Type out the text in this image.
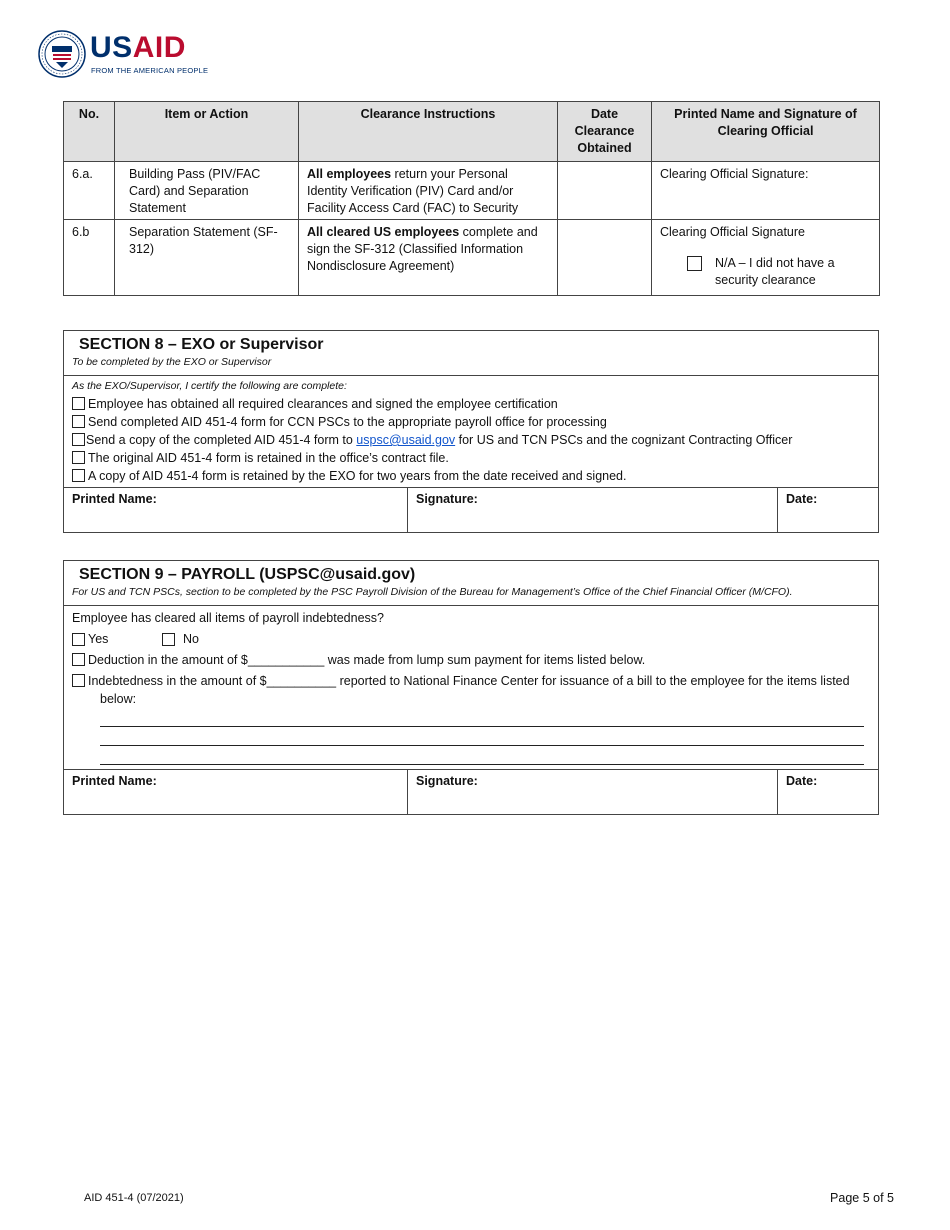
USAID
FROM THE AMERICAN PEOPLE
No.	Item or Action	Clearance Instructions	Date Clearance Obtained	Printed Name and Signature of Clearing Official
6.a.	Building Pass (PIV/FAC Card) and Separation Statement	All employees return your Personal Identity Verification (PIV) Card and/or Facility Access Card (FAC) to Security		Clearing Official Signature:
6.b	Separation Statement (SF-312)	All cleared US employees complete and sign the SF-312 (Classified Information Nondisclosure Agreement)		Clearing Official Signature
N/A – I did not have a security clearance
SECTION 8 – EXO or Supervisor
To be completed by the EXO or Supervisor
As the EXO/Supervisor, I certify the following are complete:
Employee has obtained all required clearances and signed the employee certification
Send completed AID 451-4 form for CCN PSCs to the appropriate payroll office for processing
Send a copy of the completed AID 451-4 form to uspsc@usaid.gov for US and TCN PSCs and the cognizant Contracting Officer
The original AID 451-4 form is retained in the office’s contract file.
A copy of AID 451-4 form is retained by the EXO for two years from the date received and signed.
Printed Name:	Signature:	Date:
SECTION 9 – PAYROLL (USPSC@usaid.gov)
For US and TCN PSCs, section to be completed by the PSC Payroll Division of the Bureau for Management’s Office of the Chief Financial Officer (M/CFO).
Employee has cleared all items of payroll indebtedness?
Yes	No
Deduction in the amount of $___________ was made from lump sum payment for items listed below.
Indebtedness in the amount of $__________ reported to National Finance Center for issuance of a bill to the employee for the items listed below:
Printed Name:	Signature:	Date:
AID 451-4 (07/2021)	Page 5 of 5
